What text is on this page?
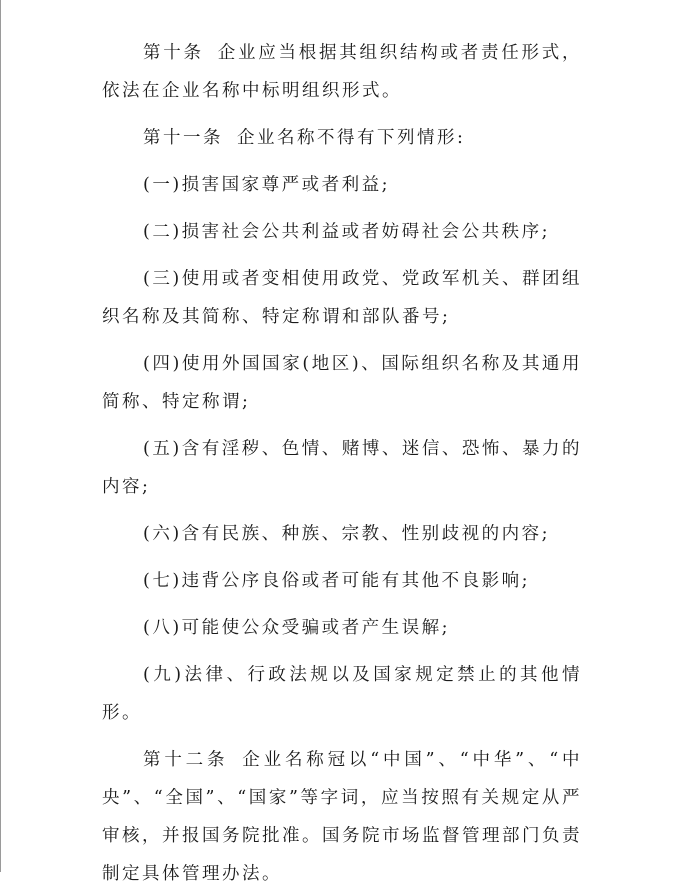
第十条 企业应当根据其组织结构或者责任形式，依法在企业名称中标明组织形式。

第十一条 企业名称不得有下列情形:

(一)损害国家尊严或者利益;

(二)损害社会公共利益或者妨碍社会公共秩序;

(三)使用或者变相使用政党、党政军机关、群团组织名称及其简称、特定称谓和部队番号;

(四)使用外国国家(地区)、国际组织名称及其通用简称、特定称谓;

(五)含有淫秽、色情、赌博、迷信、恐怖、暴力的内容;

(六)含有民族、种族、宗教、性别歧视的内容;

(七)违背公序良俗或者可能有其他不良影响;

(八)可能使公众受骗或者产生误解;

(九)法律、行政法规以及国家规定禁止的其他情形。

第十二条 企业名称冠以“中国”、“中华”、“中央”、“全国”、“国家”等字词，应当按照有关规定从严审核，并报国务院批准。国务院市场监督管理部门负责制定具体管理办法。
